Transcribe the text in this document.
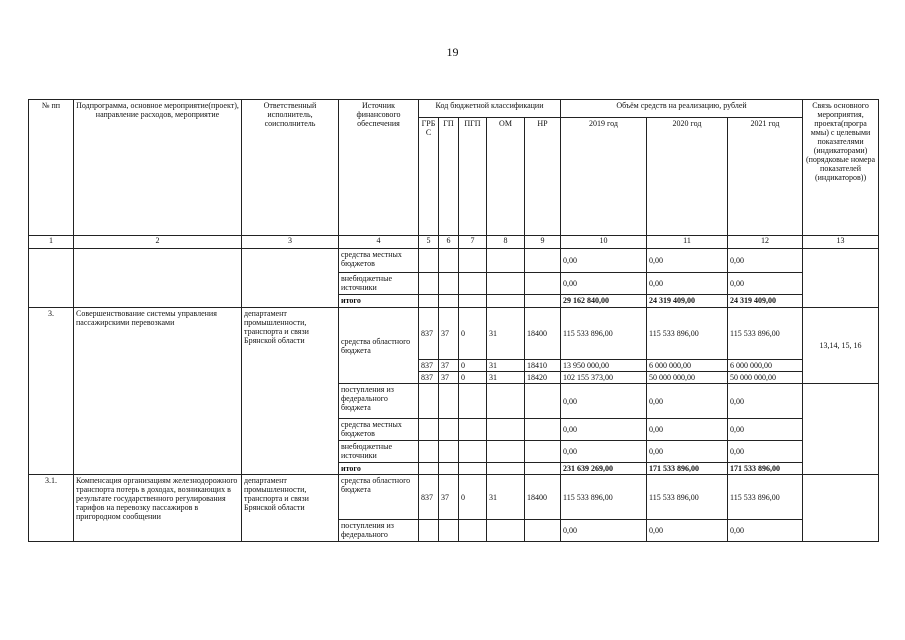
19
№ пп	Подпрограмма, основное мероприятие(проект), направление расходов, мероприятие	Ответственный исполнитель, соисполнитель	Источник финансового обеспечения	Код бюджетной классификации					Объём средств на реализацию, рублей			Связь основного мероприятия, проекта(програ ммы) с целевыми показателями (индикаторами) (порядковые номера показателей (индикаторов))
				ГРБ С	ГП	ПГП	ОМ	НР	2019 год	2020 год	2021 год	
1	2	3	4	5	6	7	8	9	10	11	12	13
			средства местных бюджетов						0,00	0,00	0,00	
			внебюджетные источники						0,00	0,00	0,00	
			итого						29 162 840,00	24 319 409,00	24 319 409,00	
3.	Совершенствование системы управления пассажирскими перевозками	департамент промышленности, транспорта и связи Брянской области	средства областного бюджета	837	37	0	31	18400	115 533 896,00	115 533 896,00	115 533 896,00	13,14, 15, 16
				837	37	0	31	18410	13 950 000,00	6 000 000,00	6 000 000,00	
				837	37	0	31	18420	102 155 373,00	50 000 000,00	50 000 000,00	
			поступления из федерального бюджета						0,00	0,00	0,00	
			средства местных бюджетов						0,00	0,00	0,00	
			внебюджетные источники						0,00	0,00	0,00	
			итого						231 639 269,00	171 533 896,00	171 533 896,00	
3.1.	Компенсация организациям железнодорожного транспорта потерь в доходах, возникающих в результате государственного регулирования тарифов на перевозку пассажиров в пригородном сообщении	департамент промышленности, транспорта и связи Брянской области	средства областного бюджета	837	37	0	31	18400	115 533 896,00	115 533 896,00	115 533 896,00	
			поступления из федерального						0,00	0,00	0,00	
